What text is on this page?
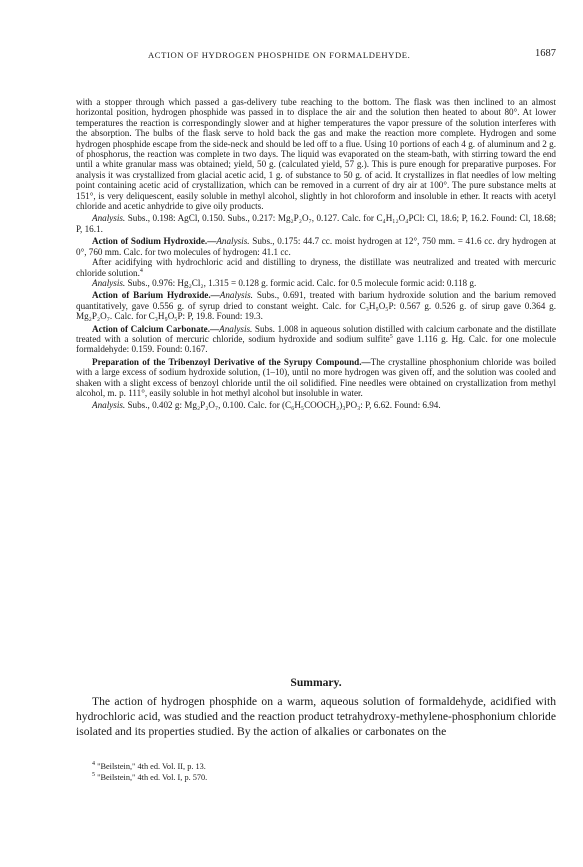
ACTION OF HYDROGEN PHOSPHIDE ON FORMALDEHYDE.	1687

with a stopper through which passed a gas-delivery tube reaching to the bottom. The flask was then inclined to an almost horizontal position, hydrogen phosphide was passed in to displace the air and the solution then heated to about 80°. At lower temperatures the reaction is correspondingly slower and at higher temperatures the vapor pressure of the solution interferes with the absorption. The bulbs of the flask serve to hold back the gas and make the reaction more complete. Hydrogen and some hydrogen phosphide escape from the side-neck and should be led off to a flue. Using 10 portions of each 4 g. of aluminum and 2 g. of phosphorus, the reaction was complete in two days. The liquid was evaporated on the steam-bath, with stirring toward the end until a white granular mass was obtained; yield, 50 g. (calculated yield, 57 g.). This is pure enough for preparative purposes. For analysis it was crystallized from glacial acetic acid, 1 g. of substance to 50 g. of acid. It crystallizes in flat needles of low melting point containing acetic acid of crystallization, which can be removed in a current of dry air at 100°. The pure substance melts at 151°, is very deliquescent, easily soluble in methyl alcohol, slightly in hot chloroform and insoluble in ether. It reacts with acetyl chloride and acetic anhydride to give oily products.

Analysis. Subs., 0.198: AgCl, 0.150. Subs., 0.217: Mg₂P₂O₇, 0.127. Calc. for C₄H₁₂O₄PCl: Cl, 18.6; P, 16.2. Found: Cl, 18.68; P, 16.1.

Action of Sodium Hydroxide.—Analysis. Subs., 0.175: 44.7 cc. moist hydrogen at 12°, 750 mm. = 41.6 cc. dry hydrogen at 0°, 760 mm. Calc. for two molecules of hydrogen: 41.1 cc.

After acidifying with hydrochloric acid and distilling to dryness, the distillate was neutralized and treated with mercuric chloride solution.$^4$

Analysis. Subs., 0.976: Hg₂Cl₂, 1.315 = 0.128 g. formic acid. Calc. for 0.5 molecule formic acid: 0.118 g.

Action of Barium Hydroxide.—Analysis. Subs., 0.691, treated with barium hydroxide solution and the barium removed quantitatively, gave 0.556 g. of syrup dried to constant weight. Calc. for C₃H₉O₅P: 0.567 g. 0.526 g. of sirup gave 0.364 g. Mg₂P₂O₇. Calc. for C₃H₉O₅P: P, 19.8. Found: 19.3.

Action of Calcium Carbonate.—Analysis. Subs. 1.008 in aqueous solution distilled with calcium carbonate and the distillate treated with a solution of mercuric chloride, sodium hydroxide and sodium sulfite$^5$ gave 1.116 g. Hg. Calc. for one molecule formaldehyde: 0.159. Found: 0.167.

Preparation of the Tribenzoyl Derivative of the Syrupy Compound.—The crystalline phosphonium chloride was boiled with a large excess of sodium hydroxide solution, (1–10), until no more hydrogen was given off, and the solution was cooled and shaken with a slight excess of benzoyl chloride until the oil solidified. Fine needles were obtained on crystallization from methyl alcohol, m. p. 111°, easily soluble in hot methyl alcohol but insoluble in water.

Analysis. Subs., 0.402 g: Mg₂P₂O₇, 0.100. Calc. for (C₆H₅COOCH₂)₃PO₃: P, 6.62. Found: 6.94.

Summary.

The action of hydrogen phosphide on a warm, aqueous solution of formaldehyde, acidified with hydrochloric acid, was studied and the reaction product tetrahydroxy-methylene-phosphonium chloride isolated and its properties studied. By the action of alkalies or carbonates on the

$^4$ "Beilstein," 4th ed. Vol. II, p. 13.
$^5$ "Beilstein," 4th ed. Vol. I, p. 570.
